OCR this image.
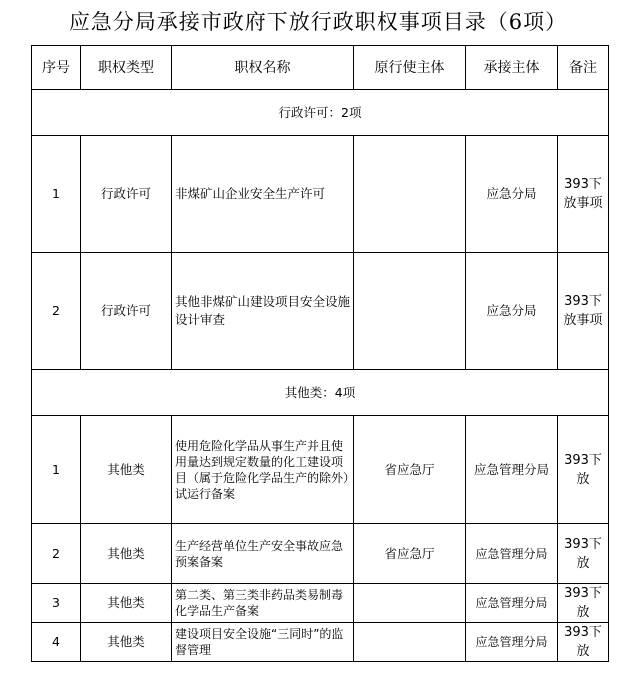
应急分局承接市政府下放行政职权事项目录（6项）
序号	职权类型	职权名称	原行使主体	承接主体	备注
行政许可：2项					
1	行政许可	非煤矿山企业安全生产许可		应急分局	393下放事项
2	行政许可	其他非煤矿山建设项目安全设施设计审查		应急分局	393下放事项
其他类：4项					
1	其他类	使用危险化学品从事生产并且使用量达到规定数量的化工建设项目（属于危险化学品生产的除外）试运行备案	省应急厅	应急管理分局	393下放
2	其他类	生产经营单位生产安全事故应急预案备案	省应急厅	应急管理分局	393下放
3	其他类	第二类、第三类非药品类易制毒化学品生产备案		应急管理分局	393下放
4	其他类	建设项目安全设施“三同时”的监督管理		应急管理分局	393下放
